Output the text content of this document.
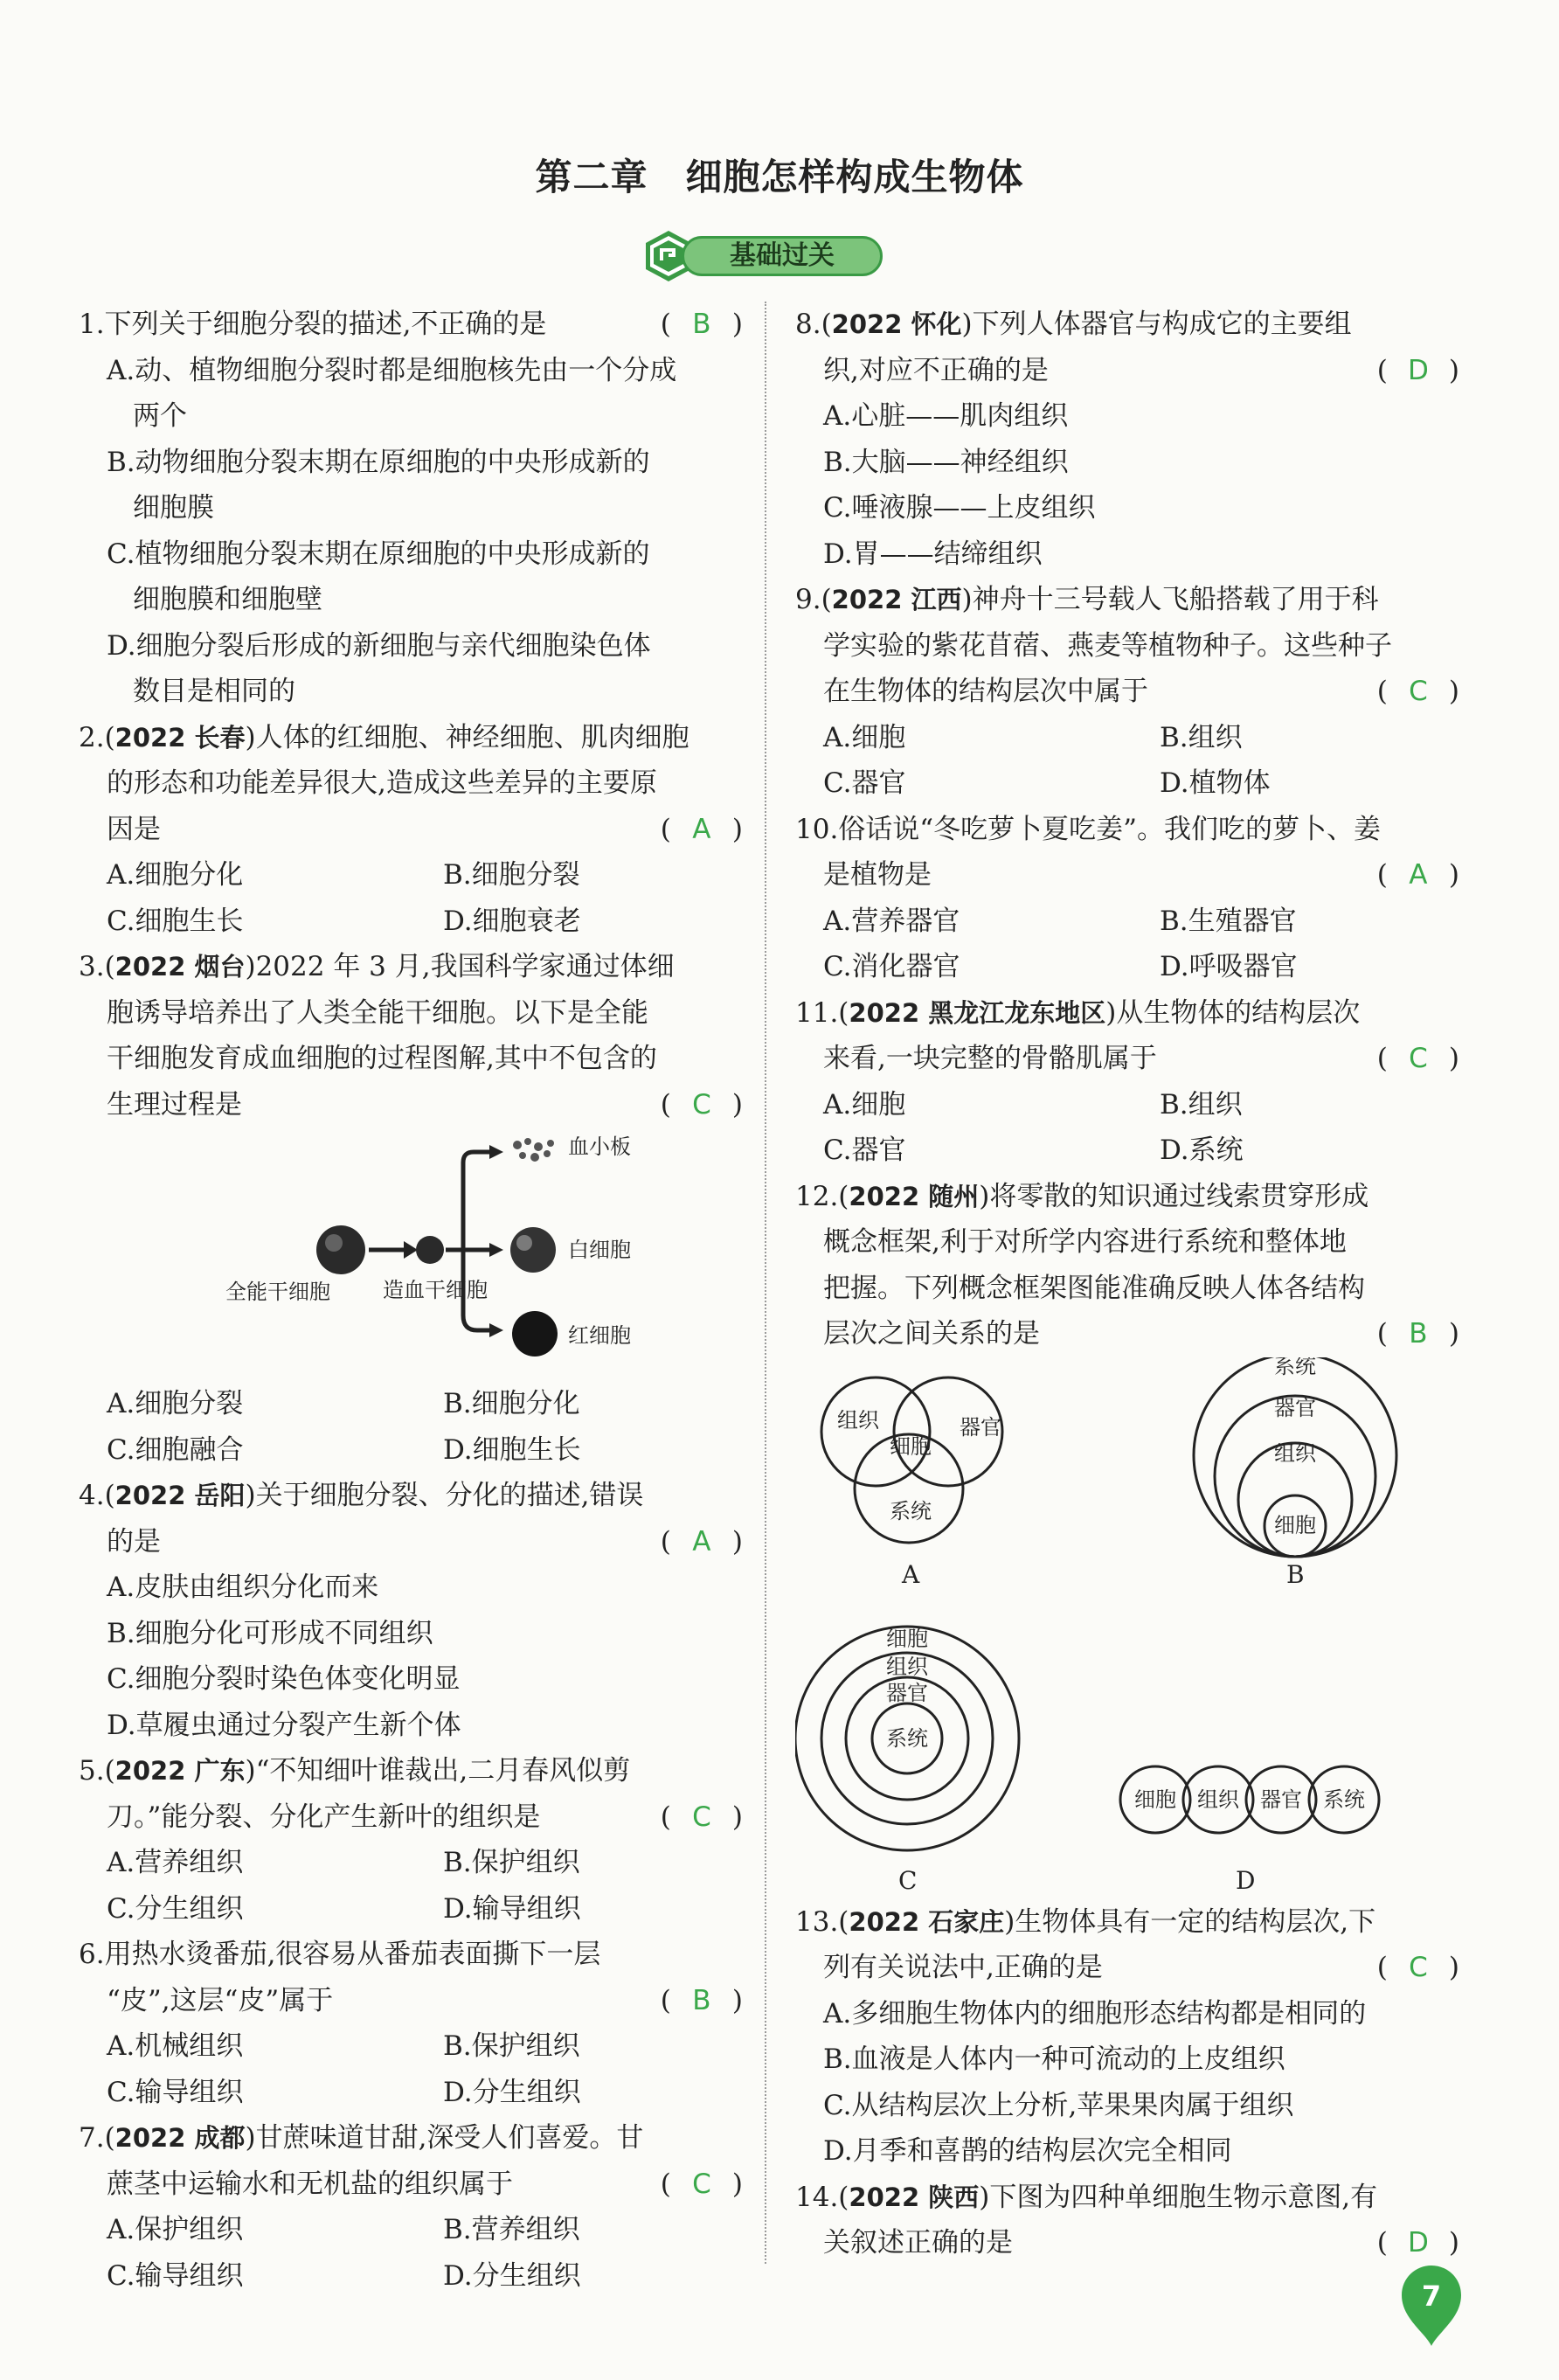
第二章　细胞怎样构成生物体
基础过关
1.下列关于细胞分裂的描述,不正确的是	( B )
A.动、植物细胞分裂时都是细胞核先由一个分成
两个
B.动物细胞分裂末期在原细胞的中央形成新的
细胞膜
C.植物细胞分裂末期在原细胞的中央形成新的
细胞膜和细胞壁
D.细胞分裂后形成的新细胞与亲代细胞染色体
数目是相同的
2.(2022 长春)人体的红细胞、神经细胞、肌肉细胞
的形态和功能差异很大,造成这些差异的主要原
因是	( A )
A.细胞分化	B.细胞分裂
C.细胞生长	D.细胞衰老
3.(2022 烟台)2022 年 3 月,我国科学家通过体细
胞诱导培养出了人类全能干细胞。以下是全能
干细胞发育成血细胞的过程图解,其中不包含的
生理过程是	( C )
血小板
白细胞
红细胞
全能干细胞	造血干细胞
A.细胞分裂	B.细胞分化
C.细胞融合	D.细胞生长
4.(2022 岳阳)关于细胞分裂、分化的描述,错误
的是	( A )
A.皮肤由组织分化而来
B.细胞分化可形成不同组织
C.细胞分裂时染色体变化明显
D.草履虫通过分裂产生新个体
5.(2022 广东)“不知细叶谁裁出,二月春风似剪
刀。”能分裂、分化产生新叶的组织是	( C )
A.营养组织	B.保护组织
C.分生组织	D.输导组织
6.用热水烫番茄,很容易从番茄表面撕下一层
“皮”,这层“皮”属于	( B )
A.机械组织	B.保护组织
C.输导组织	D.分生组织
7.(2022 成都)甘蔗味道甘甜,深受人们喜爱。甘
蔗茎中运输水和无机盐的组织属于	( C )
A.保护组织	B.营养组织
C.输导组织	D.分生组织
8.(2022 怀化)下列人体器官与构成它的主要组
织,对应不正确的是	( D )
A.心脏——肌肉组织
B.大脑——神经组织
C.唾液腺——上皮组织
D.胃——结缔组织
9.(2022 江西)神舟十三号载人飞船搭载了用于科
学实验的紫花苜蓿、燕麦等植物种子。这些种子
在生物体的结构层次中属于	( C )
A.细胞	B.组织
C.器官	D.植物体
10.俗话说“冬吃萝卜夏吃姜”。我们吃的萝卜、姜
是植物是	( A )
A.营养器官	B.生殖器官
C.消化器官	D.呼吸器官
11.(2022 黑龙江龙东地区)从生物体的结构层次
来看,一块完整的骨骼肌属于	( C )
A.细胞	B.组织
C.器官	D.系统
12.(2022 随州)将零散的知识通过线索贯穿形成
概念框架,利于对所学内容进行系统和整体地
把握。下列概念框架图能准确反映人体各结构
层次之间关系的是	( B )
组织	器官
细胞
系统
A
系统
器官
组织
细胞
B
细胞
组织
器官
系统
C
细胞 组织 器官 系统
D
13.(2022 石家庄)生物体具有一定的结构层次,下
列有关说法中,正确的是	( C )
A.多细胞生物体内的细胞形态结构都是相同的
B.血液是人体内一种可流动的上皮组织
C.从结构层次上分析,苹果果肉属于组织
D.月季和喜鹊的结构层次完全相同
14.(2022 陕西)下图为四种单细胞生物示意图,有
关叙述正确的是	( D )
7
